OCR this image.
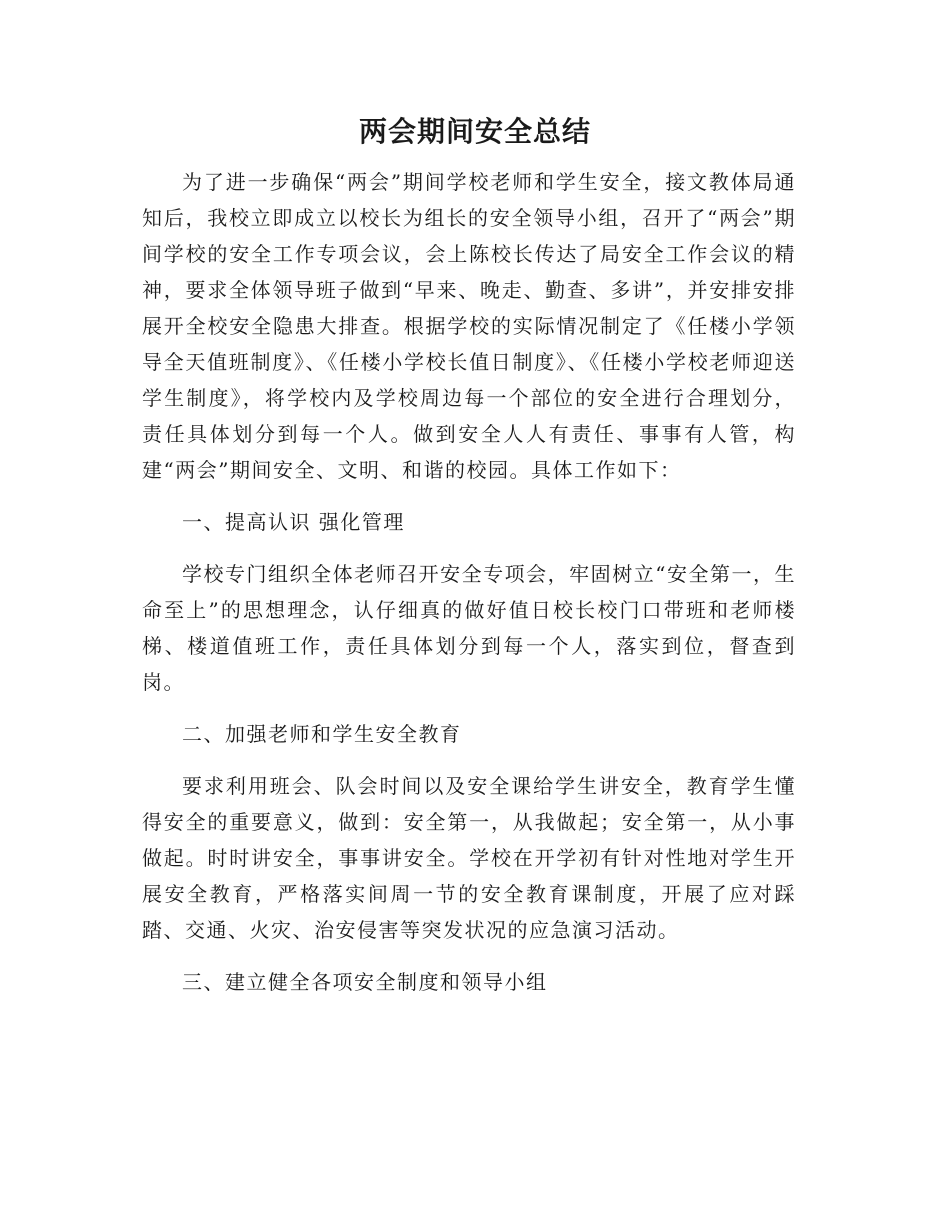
两会期间安全总结

为了进一步确保“两会”期间学校老师和学生安全，接文教体局通知后，我校立即成立以校长为组长的安全领导小组，召开了“两会”期间学校的安全工作专项会议，会上陈校长传达了局安全工作会议的精神，要求全体领导班子做到“早来、晚走、勤查、多讲”，并安排安排展开全校安全隐患大排查。根据学校的实际情况制定了《任楼小学领导全天值班制度》、《任楼小学校长值日制度》、《任楼小学校老师迎送学生制度》，将学校内及学校周边每一个部位的安全进行合理划分，责任具体划分到每一个人。做到安全人人有责任、事事有人管，构建“两会”期间安全、文明、和谐的校园。具体工作如下：

一、提高认识 强化管理

学校专门组织全体老师召开安全专项会，牢固树立“安全第一，生命至上”的思想理念，认仔细真的做好值日校长校门口带班和老师楼梯、楼道值班工作，责任具体划分到每一个人，落实到位，督查到岗。

二、加强老师和学生安全教育

要求利用班会、队会时间以及安全课给学生讲安全，教育学生懂得安全的重要意义，做到：安全第一，从我做起；安全第一，从小事做起。时时讲安全，事事讲安全。学校在开学初有针对性地对学生开展安全教育，严格落实间周一节的安全教育课制度，开展了应对踩踏、交通、火灾、治安侵害等突发状况的应急演习活动。

三、建立健全各项安全制度和领导小组
